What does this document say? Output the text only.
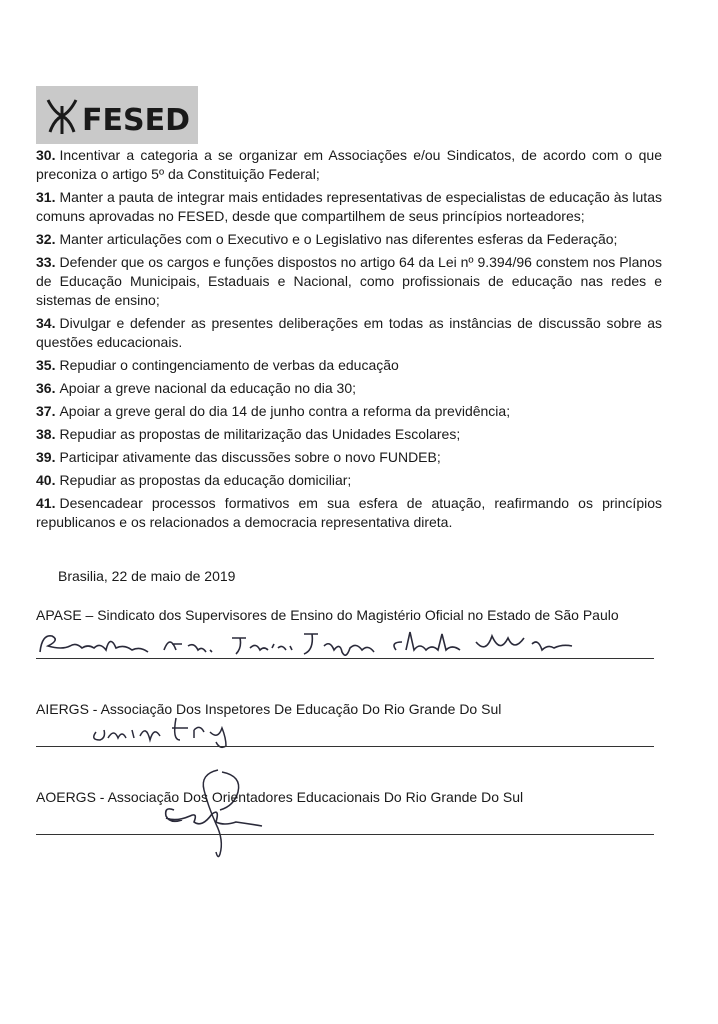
FESED

30. Incentivar a categoria a se organizar em Associações e/ou Sindicatos, de acordo com o que preconiza o artigo 5º da Constituição Federal;

31. Manter a pauta de integrar mais entidades representativas de especialistas de educação às lutas comuns aprovadas no FESED, desde que compartilhem de seus princípios norteadores;

32. Manter articulações com o Executivo e o Legislativo nas diferentes esferas da Federação;

33. Defender que os cargos e funções dispostos no artigo 64 da Lei nº 9.394/96 constem nos Planos de Educação Municipais, Estaduais e Nacional, como profissionais de educação nas redes e sistemas de ensino;

34. Divulgar e defender as presentes deliberações em todas as instâncias de discussão sobre as questões educacionais.

35. Repudiar o contingenciamento de verbas da educação

36. Apoiar a greve nacional da educação no dia 30;

37. Apoiar a greve geral do dia 14 de junho contra a reforma da previdência;

38. Repudiar as propostas de militarização das Unidades Escolares;

39. Participar ativamente das discussões sobre o novo FUNDEB;

40. Repudiar as propostas da educação domiciliar;

41. Desencadear processos formativos em sua esfera de atuação, reafirmando os princípios republicanos e os relacionados a democracia representativa direta.

Brasilia, 22 de maio de 2019
APASE – Sindicato dos Supervisores de Ensino do Magistério Oficial no Estado de São Paulo
AIERGS - Associação Dos Inspetores De Educação Do Rio Grande Do Sul
AOERGS - Associação Dos Orientadores Educacionais Do Rio Grande Do Sul
